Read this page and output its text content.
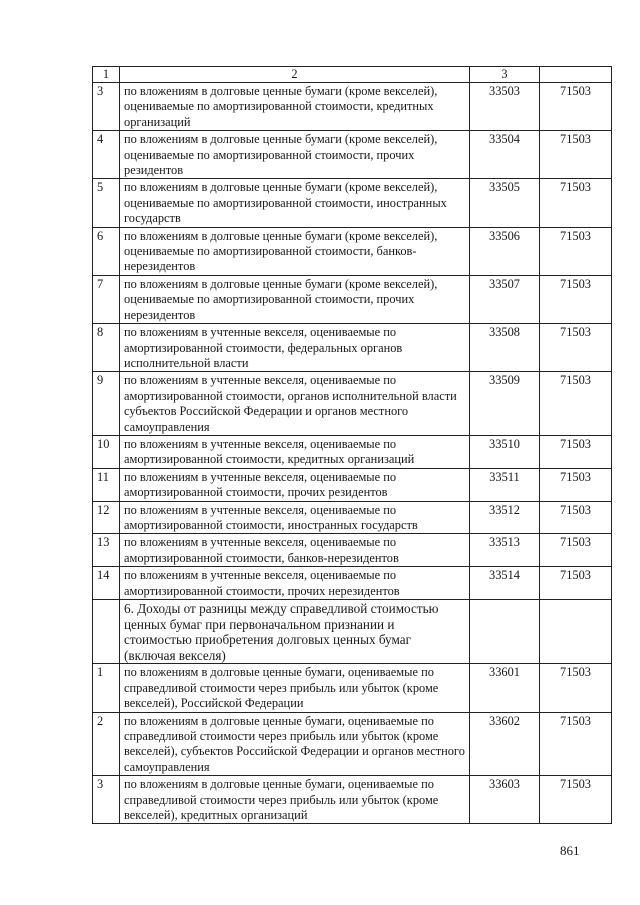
1	2	3	
3	по вложениям в долговые ценные бумаги (кроме векселей), оцениваемые по амортизированной стоимости, кредитных организаций	33503	71503
4	по вложениям в долговые ценные бумаги (кроме векселей), оцениваемые по амортизированной стоимости, прочих резидентов	33504	71503
5	по вложениям в долговые ценные бумаги (кроме векселей), оцениваемые по амортизированной стоимости, иностранных государств	33505	71503
6	по вложениям в долговые ценные бумаги (кроме векселей), оцениваемые по амортизированной стоимости, банков-нерезидентов	33506	71503
7	по вложениям в долговые ценные бумаги (кроме векселей), оцениваемые по амортизированной стоимости, прочих нерезидентов	33507	71503
8	по вложениям в учтенные векселя, оцениваемые по амортизированной стоимости, федеральных органов исполнительной власти	33508	71503
9	по вложениям в учтенные векселя, оцениваемые по амортизированной стоимости, органов исполнительной власти субъектов Российской Федерации и органов местного самоуправления	33509	71503
10	по вложениям в учтенные векселя, оцениваемые по амортизированной стоимости, кредитных организаций	33510	71503
11	по вложениям в учтенные векселя, оцениваемые по амортизированной стоимости, прочих резидентов	33511	71503
12	по вложениям в учтенные векселя, оцениваемые по амортизированной стоимости, иностранных государств	33512	71503
13	по вложениям в учтенные векселя, оцениваемые по амортизированной стоимости, банков-нерезидентов	33513	71503
14	по вложениям в учтенные векселя, оцениваемые по амортизированной стоимости, прочих нерезидентов	33514	71503
	6. Доходы от разницы между справедливой стоимостью ценных бумаг при первоначальном признании и стоимостью приобретения долговых ценных бумаг (включая векселя)		
1	по вложениям в долговые ценные бумаги, оцениваемые по справедливой стоимости через прибыль или убыток (кроме векселей), Российской Федерации	33601	71503
2	по вложениям в долговые ценные бумаги, оцениваемые по справедливой стоимости через прибыль или убыток (кроме векселей), субъектов Российской Федерации и органов местного самоуправления	33602	71503
3	по вложениям в долговые ценные бумаги, оцениваемые по справедливой стоимости через прибыль или убыток (кроме векселей), кредитных организаций	33603	71503
861
